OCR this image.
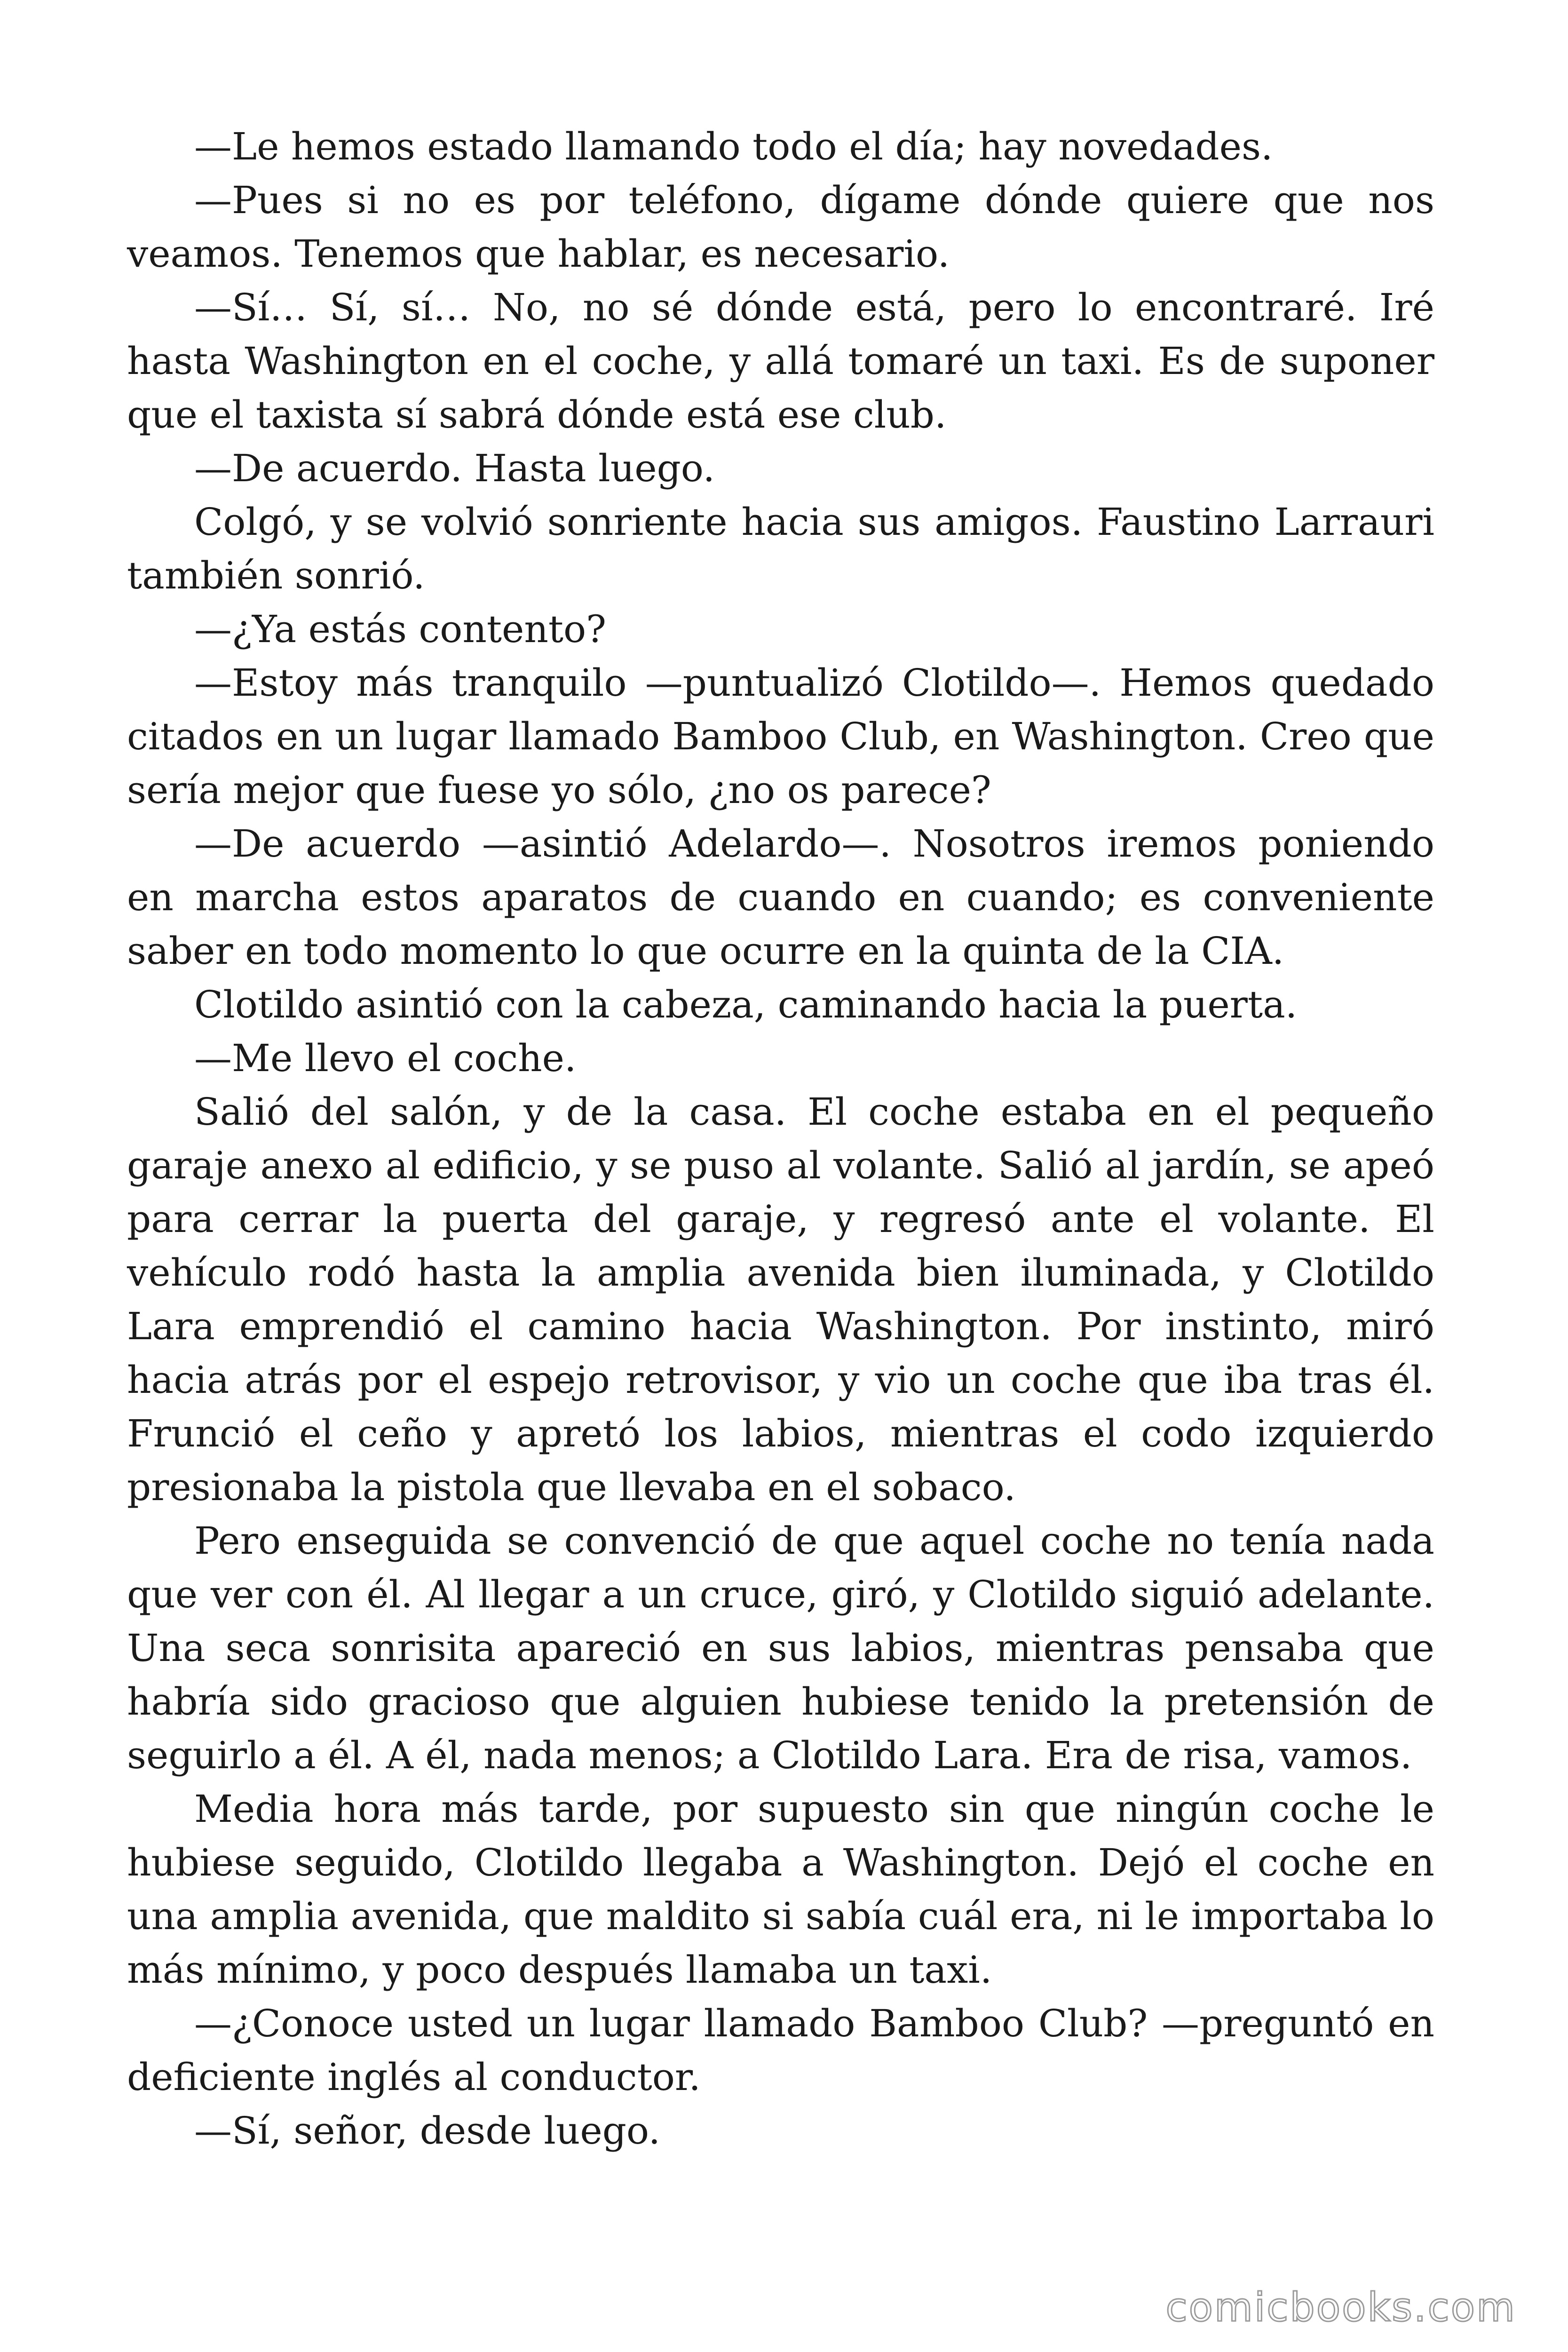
—Le hemos estado llamando todo el día; hay novedades.

—Pues si no es por teléfono, dígame dónde quiere que nos veamos. Tenemos que hablar, es necesario.

—Sí… Sí, sí… No, no sé dónde está, pero lo encontraré. Iré hasta Washington en el coche, y allá tomaré un taxi. Es de suponer que el taxista sí sabrá dónde está ese club.

—De acuerdo. Hasta luego.

Colgó, y se volvió sonriente hacia sus amigos. Faustino Larrauri también sonrió.

—¿Ya estás contento?

—Estoy más tranquilo —puntualizó Clotildo—. Hemos quedado citados en un lugar llamado Bamboo Club, en Washington. Creo que sería mejor que fuese yo sólo, ¿no os parece?

—De acuerdo —asintió Adelardo—. Nosotros iremos poniendo en marcha estos aparatos de cuando en cuando; es conveniente saber en todo momento lo que ocurre en la quinta de la CIA.

Clotildo asintió con la cabeza, caminando hacia la puerta.

—Me llevo el coche.

Salió del salón, y de la casa. El coche estaba en el pequeño garaje anexo al edificio, y se puso al volante. Salió al jardín, se apeó para cerrar la puerta del garaje, y regresó ante el volante. El vehículo rodó hasta la amplia avenida bien iluminada, y Clotildo Lara emprendió el camino hacia Washington. Por instinto, miró hacia atrás por el espejo retrovisor, y vio un coche que iba tras él. Frunció el ceño y apretó los labios, mientras el codo izquierdo presionaba la pistola que llevaba en el sobaco.

Pero enseguida se convenció de que aquel coche no tenía nada que ver con él. Al llegar a un cruce, giró, y Clotildo siguió adelante. Una seca sonrisita apareció en sus labios, mientras pensaba que habría sido gracioso que alguien hubiese tenido la pretensión de seguirlo a él. A él, nada menos; a Clotildo Lara. Era de risa, vamos.

Media hora más tarde, por supuesto sin que ningún coche le hubiese seguido, Clotildo llegaba a Washington. Dejó el coche en una amplia avenida, que maldito si sabía cuál era, ni le importaba lo más mínimo, y poco después llamaba un taxi.

—¿Conoce usted un lugar llamado Bamboo Club? —preguntó en deficiente inglés al conductor.

—Sí, señor, desde luego.

comicbooks.com
